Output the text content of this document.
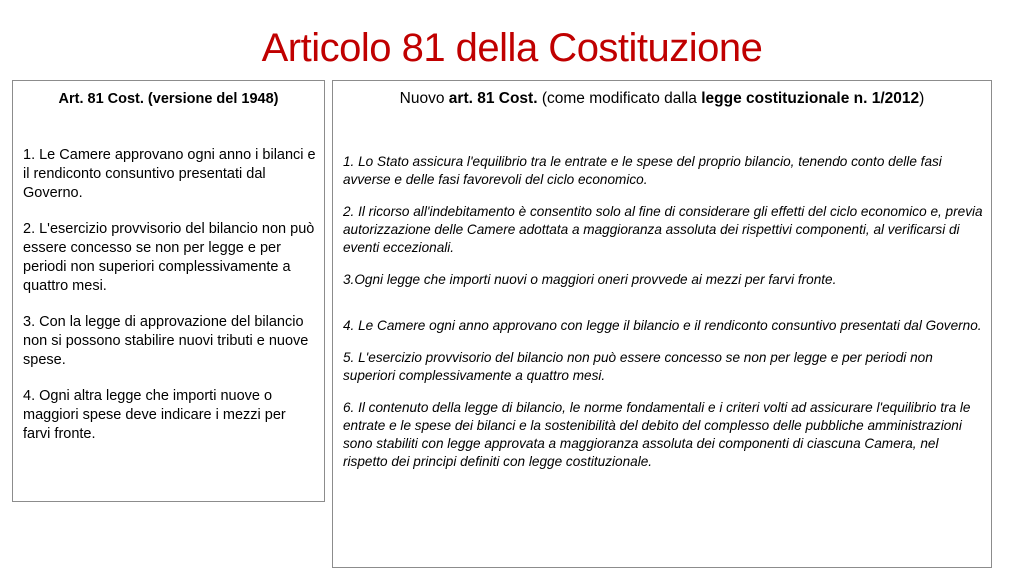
Articolo 81 della Costituzione
Art. 81 Cost. (versione del 1948)
1. Le Camere approvano ogni anno i bilanci e il rendiconto consuntivo presentati dal Governo.
2. L'esercizio provvisorio del bilancio non può essere concesso se non per legge e per periodi non superiori complessivamente a quattro mesi.
3. Con la legge di approvazione del bilancio non si possono stabilire nuovi tributi e nuove spese.
4. Ogni altra legge che importi nuove o maggiori spese deve indicare i mezzi per farvi fronte.
Nuovo art. 81 Cost. (come modificato dalla legge costituzionale n. 1/2012)
1. Lo Stato assicura l'equilibrio tra le entrate e le spese del proprio bilancio, tenendo conto delle fasi avverse e delle fasi favorevoli del ciclo economico.
2. Il ricorso all'indebitamento è consentito solo al fine di considerare gli effetti del ciclo economico e, previa autorizzazione delle Camere adottata a maggioranza assoluta dei rispettivi componenti, al verificarsi di eventi eccezionali.
3.Ogni legge che importi nuovi o maggiori oneri provvede ai mezzi per farvi fronte.
4. Le Camere ogni anno approvano con legge il bilancio e il rendiconto consuntivo presentati dal Governo.
5. L'esercizio provvisorio del bilancio non può essere concesso se non per legge e per periodi non superiori complessivamente a quattro mesi.
6. Il contenuto della legge di bilancio, le norme fondamentali e i criteri volti ad assicurare l'equilibrio tra le entrate e le spese dei bilanci e la sostenibilità del debito del complesso delle pubbliche amministrazioni sono stabiliti con legge approvata a maggioranza assoluta dei componenti di ciascuna Camera, nel rispetto dei principi definiti con legge costituzionale.
